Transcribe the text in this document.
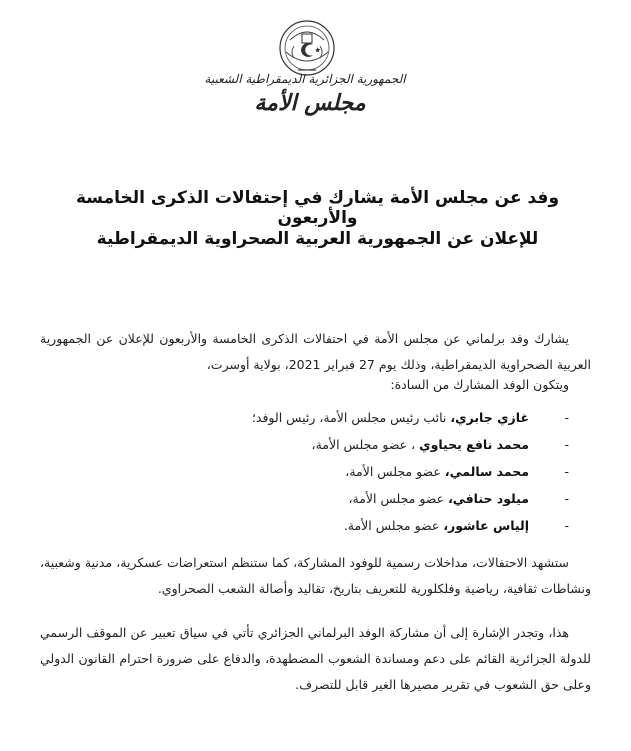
الجمهورية الجزائرية الديمقراطية الشعبية
مجلس الأمة
وفد عن مجلس الأمة يشارك في إحتفالات الذكرى الخامسة والأربعون
للإعلان عن الجمهورية العربية الصحراوية الديمقراطية
يشارك وفد برلماني عن مجلس الأمة في احتفالات الذكرى الخامسة والأربعون للإعلان عن الجمهورية العربية الصحراوية الديمقراطية، وذلك يوم 27 فبراير 2021، بولاية أوسرت،
ويتكون الوفد المشارك من السادة:
-
غازي جابري، نائب رئيس مجلس الأمة، رئيس الوفد؛
-
محمد نافع يحياوي ، عضو مجلس الأمة،
-
محمد سالمي، عضو مجلس الأمة،
-
ميلود حنافي، عضو مجلس الأمة،
-
إلياس عاشور، عضو مجلس الأمة.
ستشهد الاحتفالات، مداخلات رسمية للوفود المشاركة، كما ستنظم استعراضات عسكرية، مدنية وشعبية، ونشاطات ثقافية، رياضية وفلكلورية للتعريف بتاريخ، تقاليد وأصالة الشعب الصحراوي.
هذا، وتجدر الإشارة إلى أن مشاركة الوفد البرلماني الجزائري تأتي في سياق تعبير عن الموقف الرسمي للدولة الجزائرية القائم على دعم ومساندة الشعوب المضطهدة، والدفاع على ضرورة احترام القانون الدولي وعلى حق الشعوب في تقرير مصيرها الغير قابل للتصرف.
